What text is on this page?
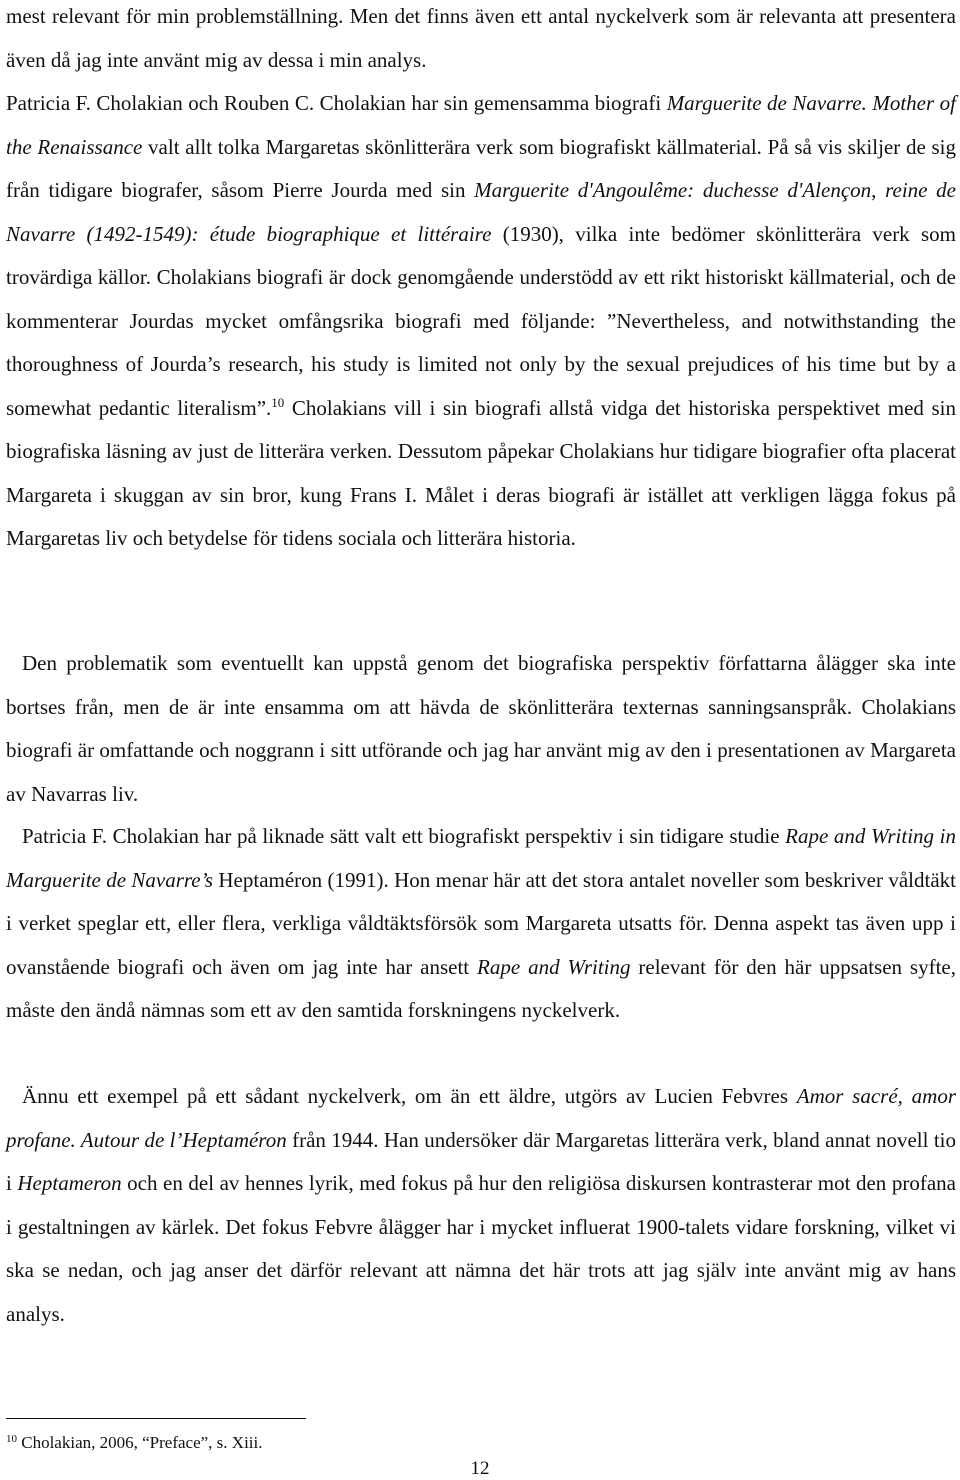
mest relevant för min problemställning. Men det finns även ett antal nyckelverk som är relevanta att presentera även då jag inte använt mig av dessa i min analys.
Patricia F. Cholakian och Rouben C. Cholakian har sin gemensamma biografi Marguerite de Navarre. Mother of the Renaissance valt allt tolka Margaretas skönlitterära verk som biografiskt källmaterial. På så vis skiljer de sig från tidigare biografer, såsom Pierre Jourda med sin Marguerite d'Angoulême: duchesse d'Alençon, reine de Navarre (1492-1549): étude biographique et littéraire (1930), vilka inte bedömer skönlitterära verk som trovärdiga källor. Cholakians biografi är dock genomgående understödd av ett rikt historiskt källmaterial, och de kommenterar Jourdas mycket omfångsrika biografi med följande: ”Nevertheless, and notwithstanding the thoroughness of Jourda’s research, his study is limited not only by the sexual prejudices of his time but by a somewhat pedantic literalism”.$^{10}$ Cholakians vill i sin biografi allstå vidga det historiska perspektivet med sin biografiska läsning av just de litterära verken. Dessutom påpekar Cholakians hur tidigare biografier ofta placerat Margareta i skuggan av sin bror, kung Frans I. Målet i deras biografi är istället att verkligen lägga fokus på Margaretas liv och betydelse för tidens sociala och litterära historia.

Den problematik som eventuellt kan uppstå genom det biografiska perspektiv författarna ålägger ska inte bortses från, men de är inte ensamma om att hävda de skönlitterära texternas sanningsanspråk. Cholakians biografi är omfattande och noggrann i sitt utförande och jag har använt mig av den i presentationen av Margareta av Navarras liv.

Patricia F. Cholakian har på liknade sätt valt ett biografiskt perspektiv i sin tidigare studie Rape and Writing in Marguerite de Navarre’s Heptaméron (1991). Hon menar här att det stora antalet noveller som beskriver våldtäkt i verket speglar ett, eller flera, verkliga våldtäktsförsök som Margareta utsatts för. Denna aspekt tas även upp i ovanstående biografi och även om jag inte har ansett Rape and Writing relevant för den här uppsatsen syfte, måste den ändå nämnas som ett av den samtida forskningens nyckelverk.

Ännu ett exempel på ett sådant nyckelverk, om än ett äldre, utgörs av Lucien Febvres Amor sacré, amor profane. Autour de l’Heptaméron från 1944. Han undersöker där Margaretas litterära verk, bland annat novell tio i Heptameron och en del av hennes lyrik, med fokus på hur den religiösa diskursen kontrasterar mot den profana i gestaltningen av kärlek. Det fokus Febvre ålägger har i mycket influerat 1900-talets vidare forskning, vilket vi ska se nedan, och jag anser det därför relevant att nämna det här trots att jag själv inte använt mig av hans analys.

$^{10}$ Cholakian, 2006, “Preface”, s. Xiii.
12
